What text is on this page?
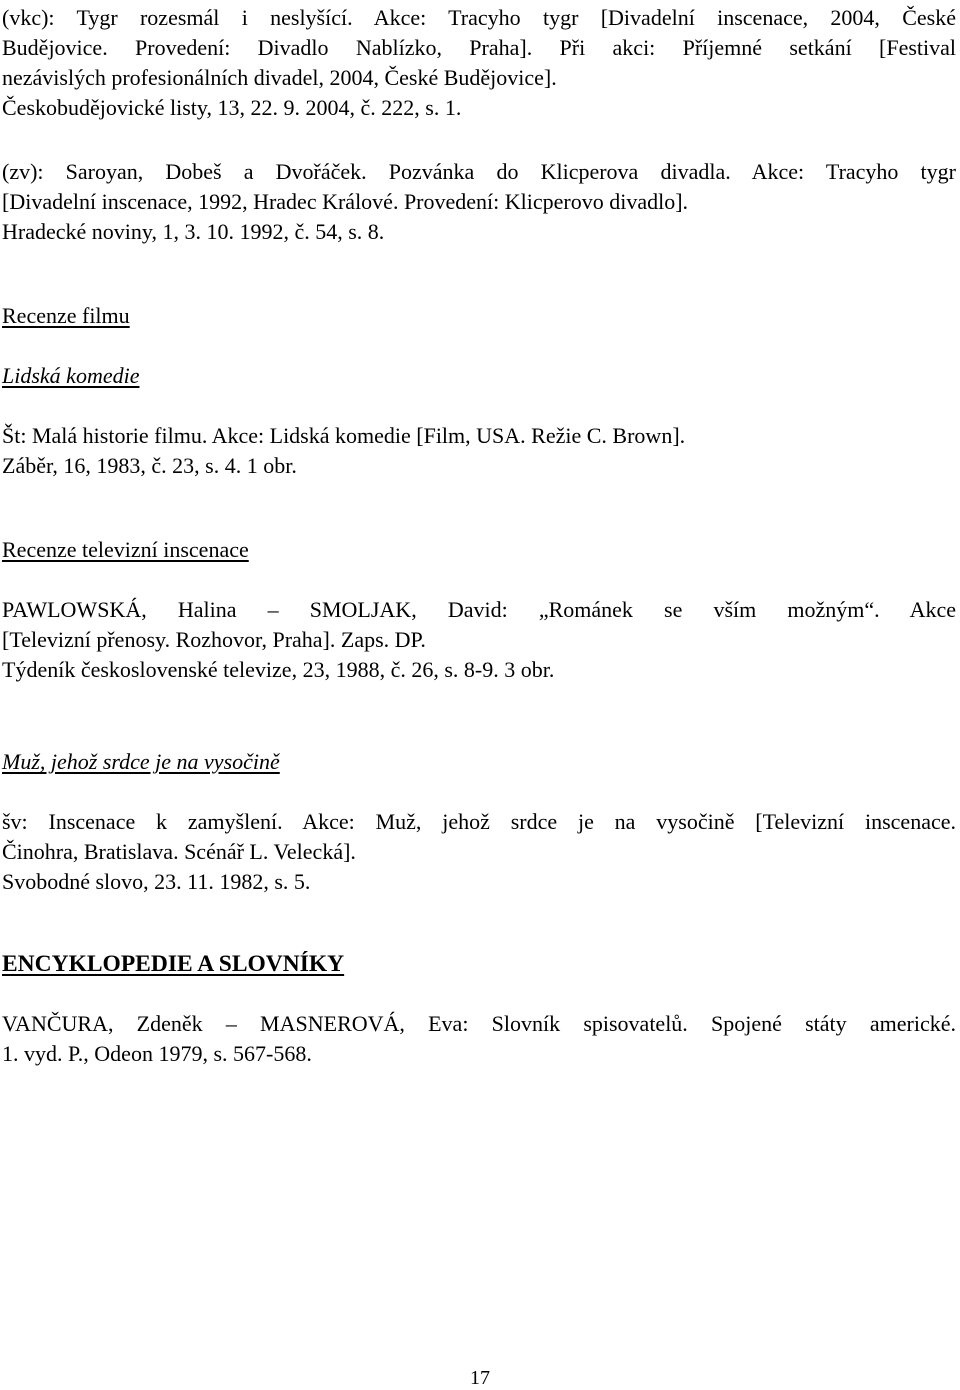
(vkc): Tygr rozesmál i neslyšící. Akce: Tracyho tygr [Divadelní inscenace, 2004, České
Budějovice. Provedení: Divadlo Nablízko, Praha]. Při akci: Příjemné setkání [Festival
nezávislých profesionálních divadel, 2004, České Budějovice].
Českobudějovické listy, 13, 22. 9. 2004, č. 222, s. 1.

(zv): Saroyan, Dobeš a Dvořáček. Pozvánka do Klicperova divadla. Akce: Tracyho tygr
[Divadelní inscenace, 1992, Hradec Králové. Provedení: Klicperovo divadlo].
Hradecké noviny, 1, 3. 10. 1992, č. 54, s. 8.

Recenze filmu

Lidská komedie

Št: Malá historie filmu. Akce: Lidská komedie [Film, USA. Režie C. Brown].
Záběr, 16, 1983, č. 23, s. 4. 1 obr.

Recenze televizní inscenace

PAWLOWSKÁ, Halina – SMOLJAK, David: „Románek se vším možným“. Akce
[Televizní přenosy. Rozhovor, Praha]. Zaps. DP.
Týdeník československé televize, 23, 1988, č. 26, s. 8-9. 3 obr.

Muž, jehož srdce je na vysočině

šv: Inscenace k zamyšlení. Akce: Muž, jehož srdce je na vysočině [Televizní inscenace.
Činohra, Bratislava. Scénář L. Velecká].
Svobodné slovo, 23. 11. 1982, s. 5.

ENCYKLOPEDIE A SLOVNÍKY

VANČURA, Zdeněk – MASNEROVÁ, Eva: Slovník spisovatelů. Spojené státy americké.
1. vyd. P., Odeon 1979, s. 567-568.

17
